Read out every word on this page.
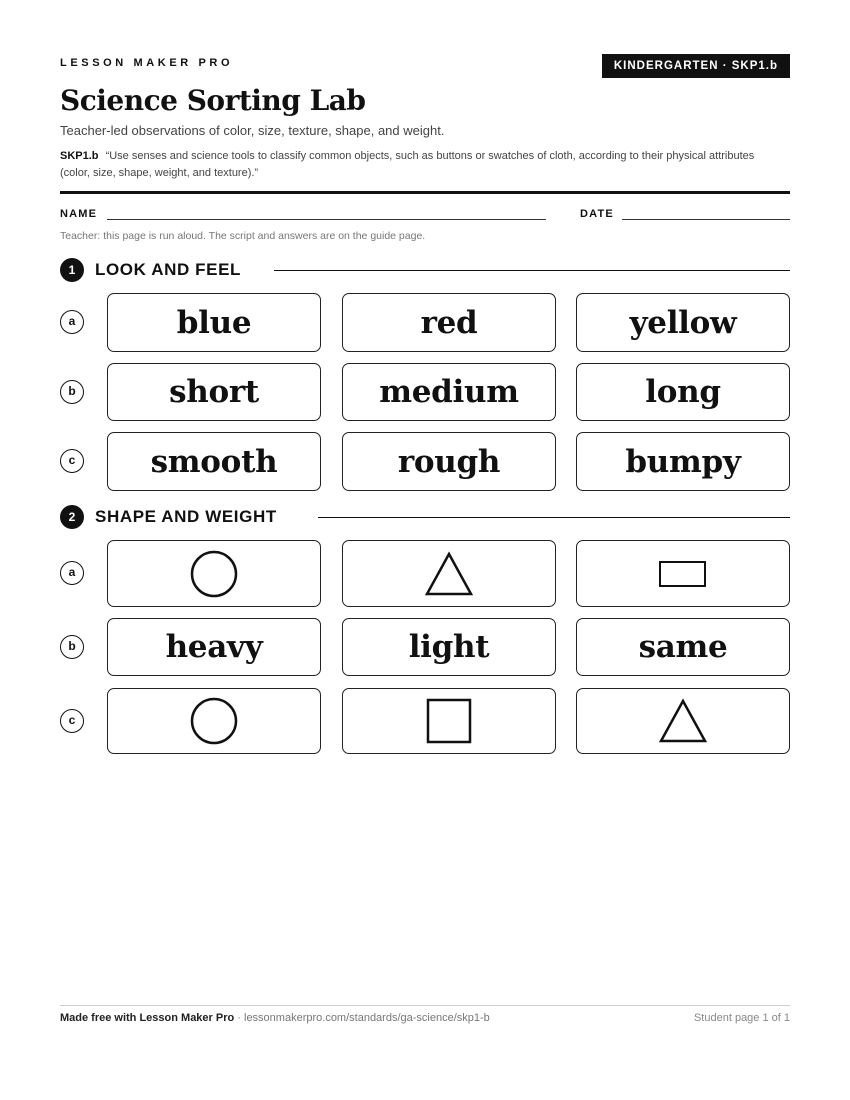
LESSON MAKER PRO	KINDERGARTEN · SKP1.b
Science Sorting Lab
Teacher-led observations of color, size, texture, shape, and weight.
SKP1.b “Use senses and science tools to classify common objects, such as buttons or swatches of cloth, according to their physical attributes (color, size, shape, weight, and texture).”
NAME	DATE
Teacher: this page is run aloud. The script and answers are on the guide page.
1	LOOK AND FEEL
a	blue	red	yellow
b	short	medium	long
c smooth	rough	bumpy
2	SHAPE AND WEIGHT
a
b	heavy	light	same
c
Made free with Lesson Maker Pro · lessonmakerpro.com/standards/ga-science/skp1-b	Student page 1 of 1
